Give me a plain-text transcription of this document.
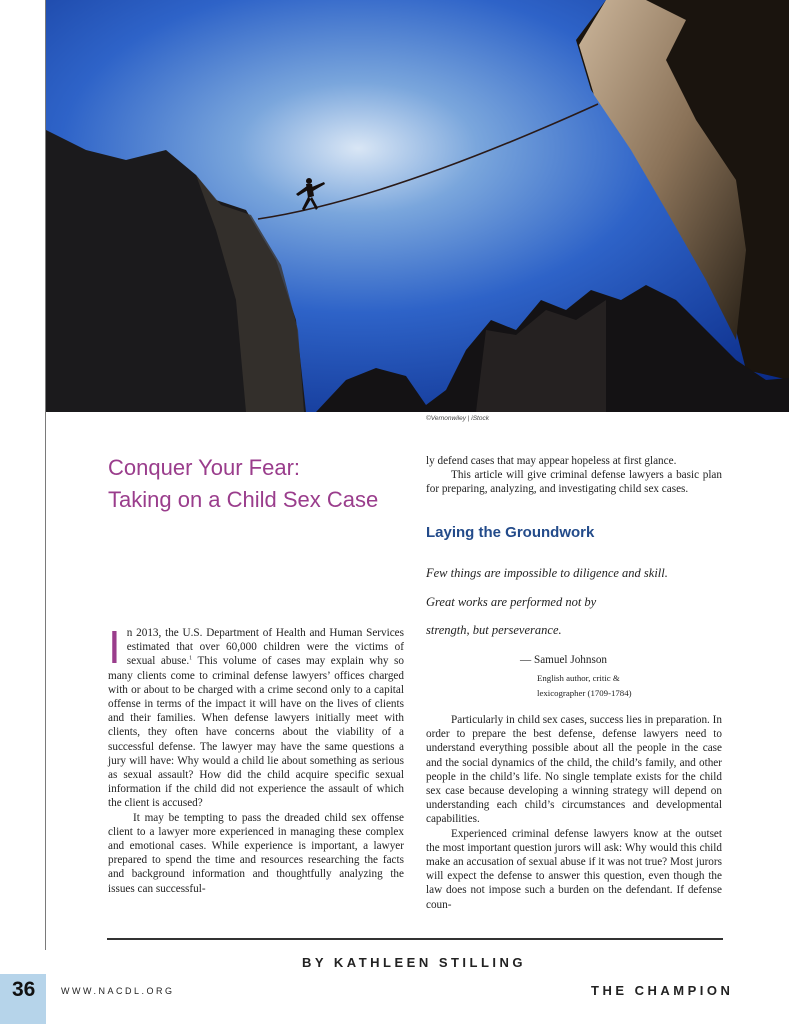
©Vernonwiley | iStock
Conquer Your Fear:
Taking on a Child Sex Case

In 2013, the U.S. Department of Health and Human Services estimated that over 60,000 children were the victims of sexual abuse.$^1$ This volume of cases may explain why so many clients come to criminal defense lawyers’ offices charged with or about to be charged with a crime second only to a capital offense in terms of the impact it will have on the lives of clients and their families. When defense lawyers initially meet with clients, they often have concerns about the viability of a successful defense. The lawyer may have the same questions a jury will have: Why would a child lie about something as serious as sexual assault? How did the child acquire specific sexual information if the child did not experience the assault of which the client is accused?

It may be tempting to pass the dreaded child sex offense client to a lawyer more experienced in managing these complex and emotional cases. While experience is important, a lawyer prepared to spend the time and resources researching the facts and background information and thoughtfully analyzing the issues can successful-

ly defend cases that may appear hopeless at first glance.

This article will give criminal defense lawyers a basic plan for preparing, analyzing, and investigating child sex cases.

Laying the Groundwork
Few things are impossible to diligence and skill.
Great works are performed not by
strength, but perseverance.
— Samuel Johnson
English author, critic &
lexicographer (1709-1784)

Particularly in child sex cases, success lies in preparation. In order to prepare the best defense, defense lawyers need to understand everything possible about all the people in the case and the social dynamics of the child, the child’s family, and other people in the child’s life. No single template exists for the child sex case because developing a winning strategy will depend on understanding each child’s circumstances and developmental capabilities.

Experienced criminal defense lawyers know at the outset the most important question jurors will ask: Why would this child make an accusation of sexual abuse if it was not true? Most jurors will expect the defense to answer this question, even though the law does not impose such a burden on the defendant. If defense coun-

BY KATHLEEN STILLING
36	WWW.NACDL.ORG	THE CHAMPION
